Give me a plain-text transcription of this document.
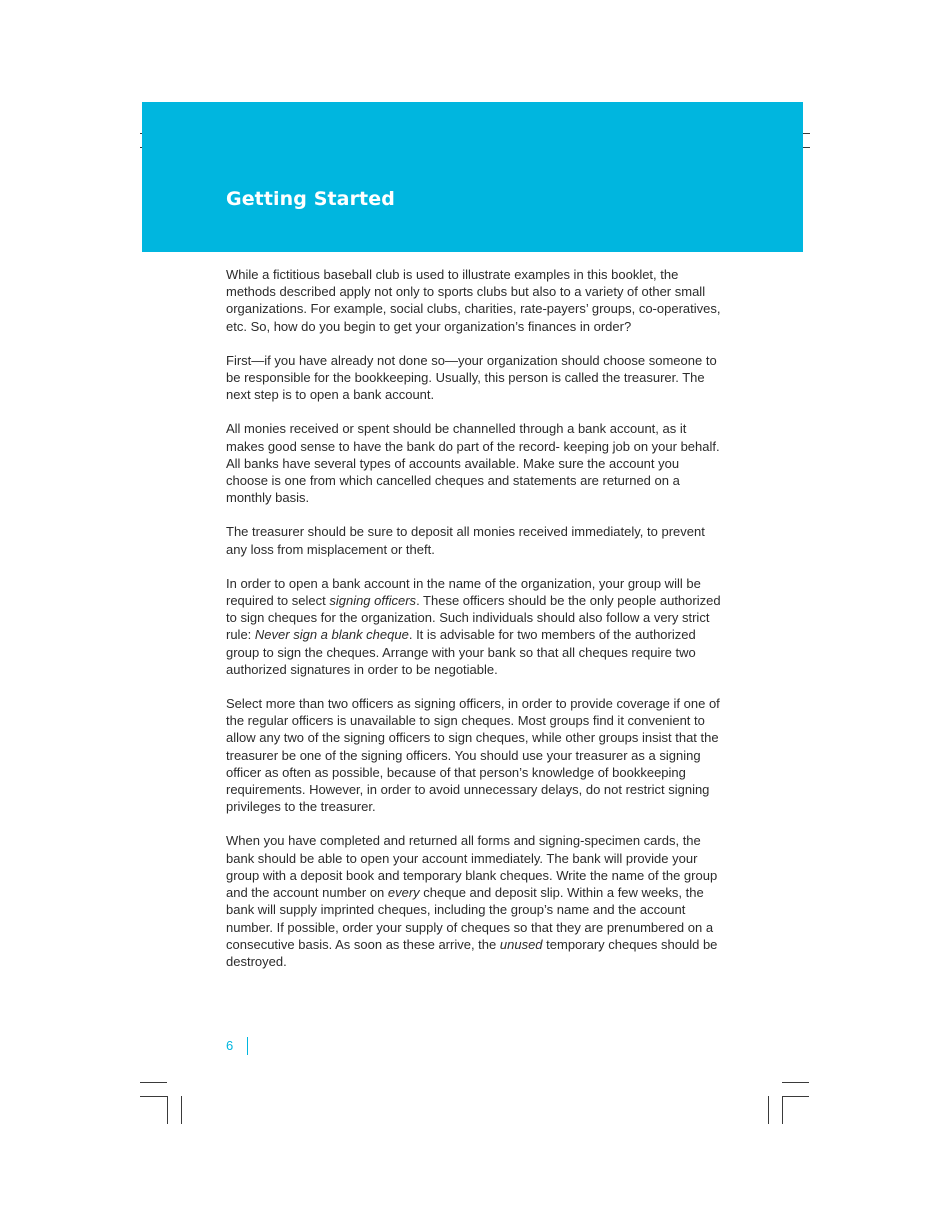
Getting Started

While a fictitious baseball club is used to illustrate examples in this booklet, the methods described apply not only to sports clubs but also to a variety of other small organizations. For example, social clubs, charities, rate-payers’ groups, co-operatives, etc. So, how do you begin to get your organization’s finances in order?

First—if you have already not done so—your organization should choose someone to be responsible for the bookkeeping. Usually, this person is called the treasurer. The next step is to open a bank account.

All monies received or spent should be channelled through a bank account, as it makes good sense to have the bank do part of the record- keeping job on your behalf. All banks have several types of accounts available. Make sure the account you choose is one from which cancelled cheques and statements are returned on a monthly basis.

The treasurer should be sure to deposit all monies received immediately, to prevent any loss from misplacement or theft.

In order to open a bank account in the name of the organization, your group will be required to select signing officers. These officers should be the only people authorized to sign cheques for the organization. Such individuals should also follow a very strict rule: Never sign a blank cheque. It is advisable for two members of the authorized group to sign the cheques. Arrange with your bank so that all cheques require two authorized signatures in order to be negotiable.

Select more than two officers as signing officers, in order to provide coverage if one of the regular officers is unavailable to sign cheques. Most groups find it convenient to allow any two of the signing officers to sign cheques, while other groups insist that the treasurer be one of the signing officers. You should use your treasurer as a signing officer as often as possible, because of that person’s knowledge of bookkeeping requirements. However, in order to avoid unnecessary delays, do not restrict signing privileges to the treasurer.

When you have completed and returned all forms and signing-specimen cards, the bank should be able to open your account immediately. The bank will provide your group with a deposit book and temporary blank cheques. Write the name of the group and the account number on every cheque and deposit slip. Within a few weeks, the bank will supply imprinted cheques, including the group’s name and the account number. If possible, order your supply of cheques so that they are prenumbered on a consecutive basis. As soon as these arrive, the unused temporary cheques should be destroyed.

6
